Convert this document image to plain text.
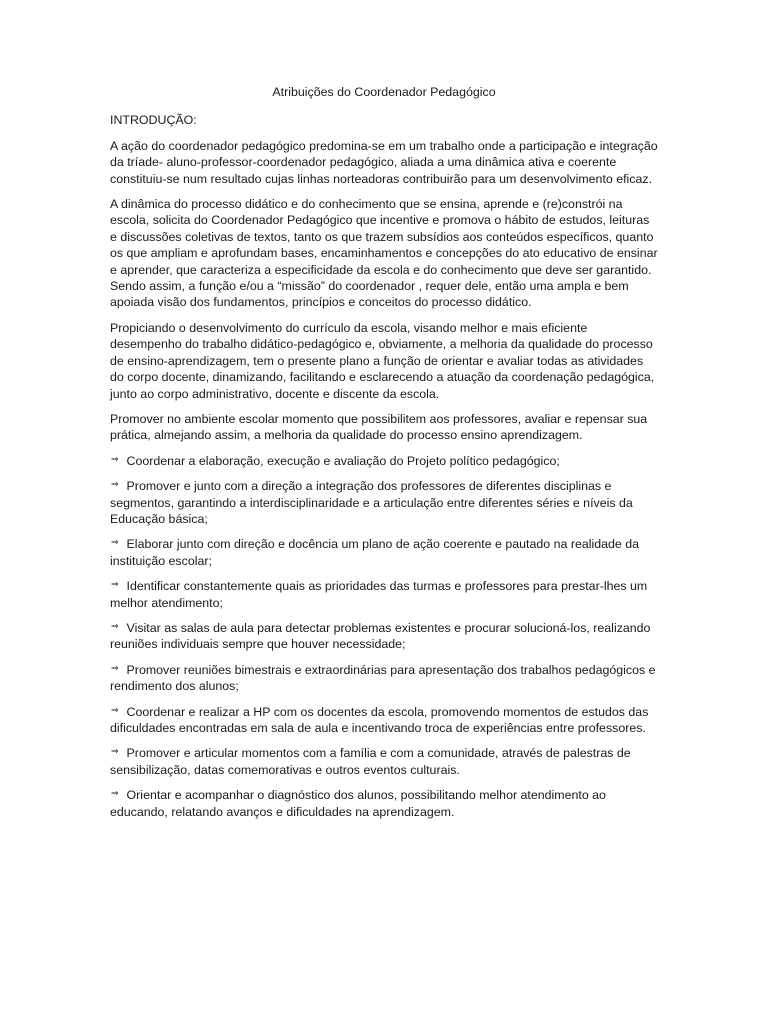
Atribuições do Coordenador Pedagógico
INTRODUÇÃO:

A ação do coordenador pedagógico predomina-se em um trabalho onde a participação e integração da tríade- aluno-professor-coordenador pedagógico, aliada a uma dinâmica ativa e coerente constituiu-se num resultado cujas linhas norteadoras contribuirão para um desenvolvimento eficaz.

A dinâmica do processo didático e do conhecimento que se ensina, aprende e (re)constrói na escola, solicita do Coordenador Pedagógico que incentive e promova o hábito de estudos, leituras e discussões coletivas de textos, tanto os que trazem subsídios aos conteúdos específicos, quanto os que ampliam e aprofundam bases, encaminhamentos e concepções do ato educativo de ensinar e aprender, que caracteriza a especificidade da escola e do conhecimento que deve ser garantido. Sendo assim, a função e/ou a “missão” do coordenador , requer dele, então uma ampla e bem apoiada visão dos fundamentos, princípios e conceitos do processo didático.

Propiciando o desenvolvimento do currículo da escola, visando melhor e mais eficiente desempenho do trabalho didático-pedagógico e, obviamente, a melhoria da qualidade do processo de ensino-aprendizagem, tem o presente plano a função de orientar e avaliar todas as atividades do corpo docente, dinamizando, facilitando e esclarecendo a atuação da coordenação pedagógica, junto ao corpo administrativo, docente e discente da escola.

Promover no ambiente escolar momento que possibilitem aos professores, avaliar e repensar sua prática, almejando assim, a melhoria da qualidade do processo ensino aprendizagem.

⇒ Coordenar a elaboração, execução e avaliação do Projeto político pedagógico;
⇒ Promover e junto com a direção a integração dos professores de diferentes disciplinas e segmentos, garantindo a interdisciplinaridade e a articulação entre diferentes séries e níveis da Educação básica;
⇒ Elaborar junto com direção e docência um plano de ação coerente e pautado na realidade da instituição escolar;
⇒ Identificar constantemente quais as prioridades das turmas e professores para prestar-lhes um melhor atendimento;
⇒ Visitar as salas de aula para detectar problemas existentes e procurar solucioná-los, realizando reuniões individuais sempre que houver necessidade;
⇒ Promover reuniões bimestrais e extraordinárias para apresentação dos trabalhos pedagógicos e rendimento dos alunos;
⇒ Coordenar e realizar a HP com os docentes da escola, promovendo momentos de estudos das dificuldades encontradas em sala de aula e incentivando troca de experiências entre professores.
⇒ Promover e articular momentos com a família e com a comunidade, através de palestras de sensibilização, datas comemorativas e outros eventos culturais.
⇒ Orientar e acompanhar o diagnóstico dos alunos, possibilitando melhor atendimento ao educando, relatando avanços e dificuldades na aprendizagem.
